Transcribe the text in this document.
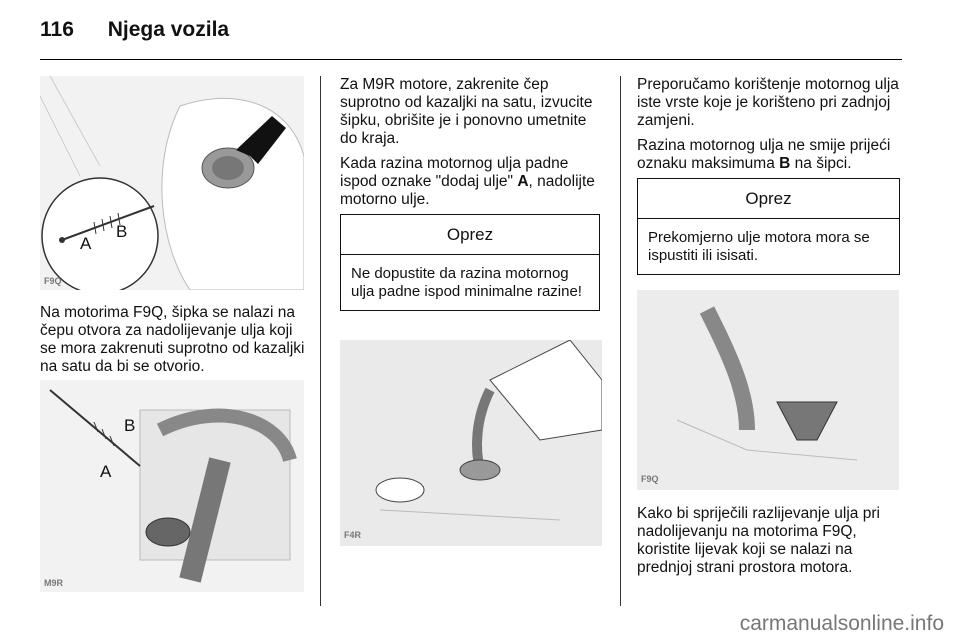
116 Njega vozila
A
B
F9Q

Na motorima F9Q, šipka se nalazi na čepu otvora za nadolijevanje ulja koji se mora zakrenuti suprotno od kazaljki na satu da bi se otvorio.

B
A
M9R

Za M9R motore, zakrenite čep suprotno od kazaljki na satu, izvucite šipku, obrišite je i ponovno umetnite do kraja.

Kada razina motornog ulja padne ispod oznake "dodaj ulje" A, nadolijte motorno ulje.

Oprez
Ne dopustite da razina motornog ulja padne ispod minimalne razine!
F4R

Preporučamo korištenje motornog ulja iste vrste koje je korišteno pri zadnjoj zamjeni.

Razina motornog ulja ne smije prijeći oznaku maksimuma B na šipci.

Oprez
Prekomjerno ulje motora mora se ispustiti ili isisati.
F9Q

Kako bi spriječili razlijevanje ulja pri nadolijevanju na motorima F9Q, koristite lijevak koji se nalazi na prednjoj strani prostora motora.

carmanualsonline.info
